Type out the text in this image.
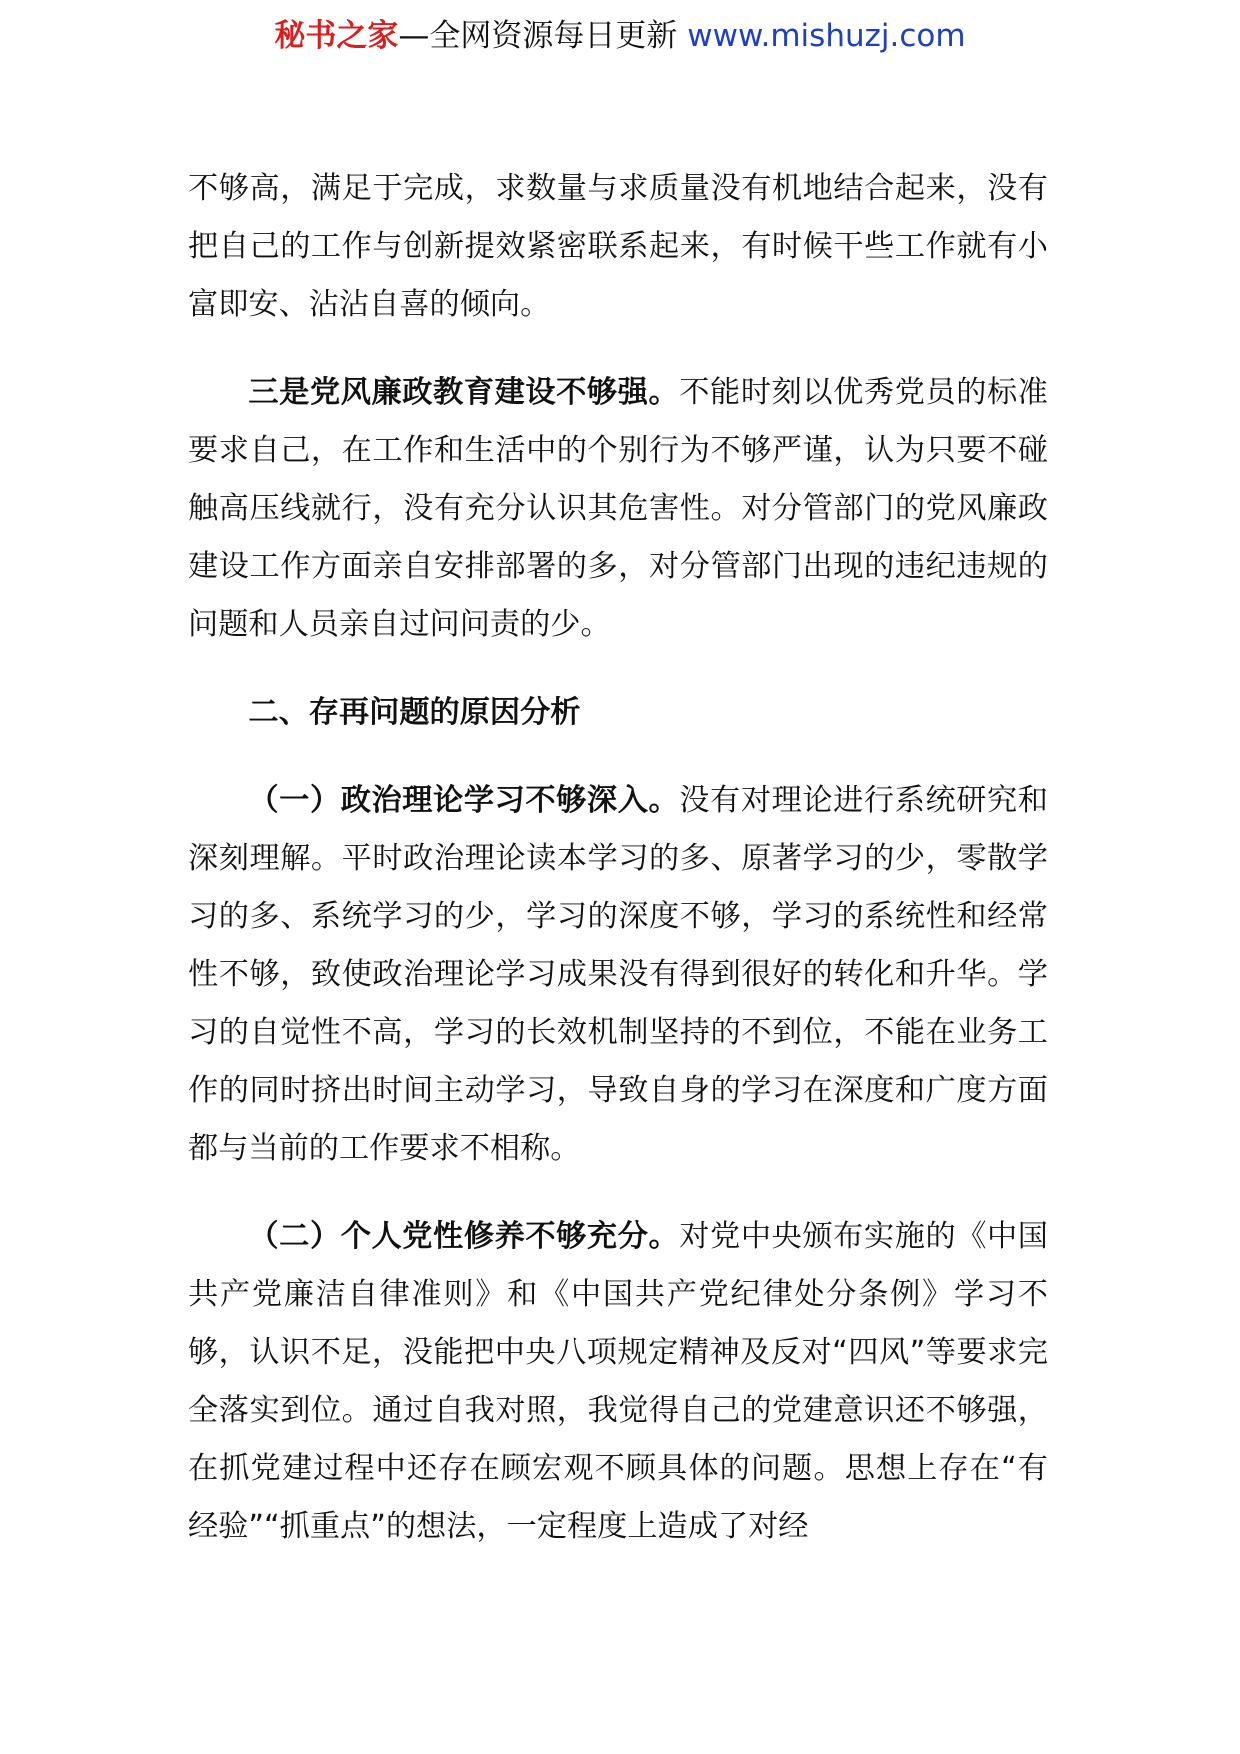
秘书之家—全网资源每日更新 www.mishuzj.com

不够高，满足于完成，求数量与求质量没有机地结合起来，没有把自己的工作与创新提效紧密联系起来，有时候干些工作就有小富即安、沾沾自喜的倾向。

三是党风廉政教育建设不够强。不能时刻以优秀党员的标准要求自己，在工作和生活中的个别行为不够严谨，认为只要不碰触高压线就行，没有充分认识其危害性。对分管部门的党风廉政建设工作方面亲自安排部署的多，对分管部门出现的违纪违规的问题和人员亲自过问问责的少。

二、存再问题的原因分析

（一）政治理论学习不够深入。没有对理论进行系统研究和深刻理解。平时政治理论读本学习的多、原著学习的少，零散学习的多、系统学习的少，学习的深度不够，学习的系统性和经常性不够，致使政治理论学习成果没有得到很好的转化和升华。学习的自觉性不高，学习的长效机制坚持的不到位，不能在业务工作的同时挤出时间主动学习，导致自身的学习在深度和广度方面都与当前的工作要求不相称。

（二）个人党性修养不够充分。对党中央颁布实施的《中国共产党廉洁自律准则》和《中国共产党纪律处分条例》学习不够，认识不足，没能把中央八项规定精神及反对“四风”等要求完全落实到位。通过自我对照，我觉得自己的党建意识还不够强，在抓党建过程中还存在顾宏观不顾具体的问题。思想上存在“有经验”“抓重点”的想法，一定程度上造成了对经
